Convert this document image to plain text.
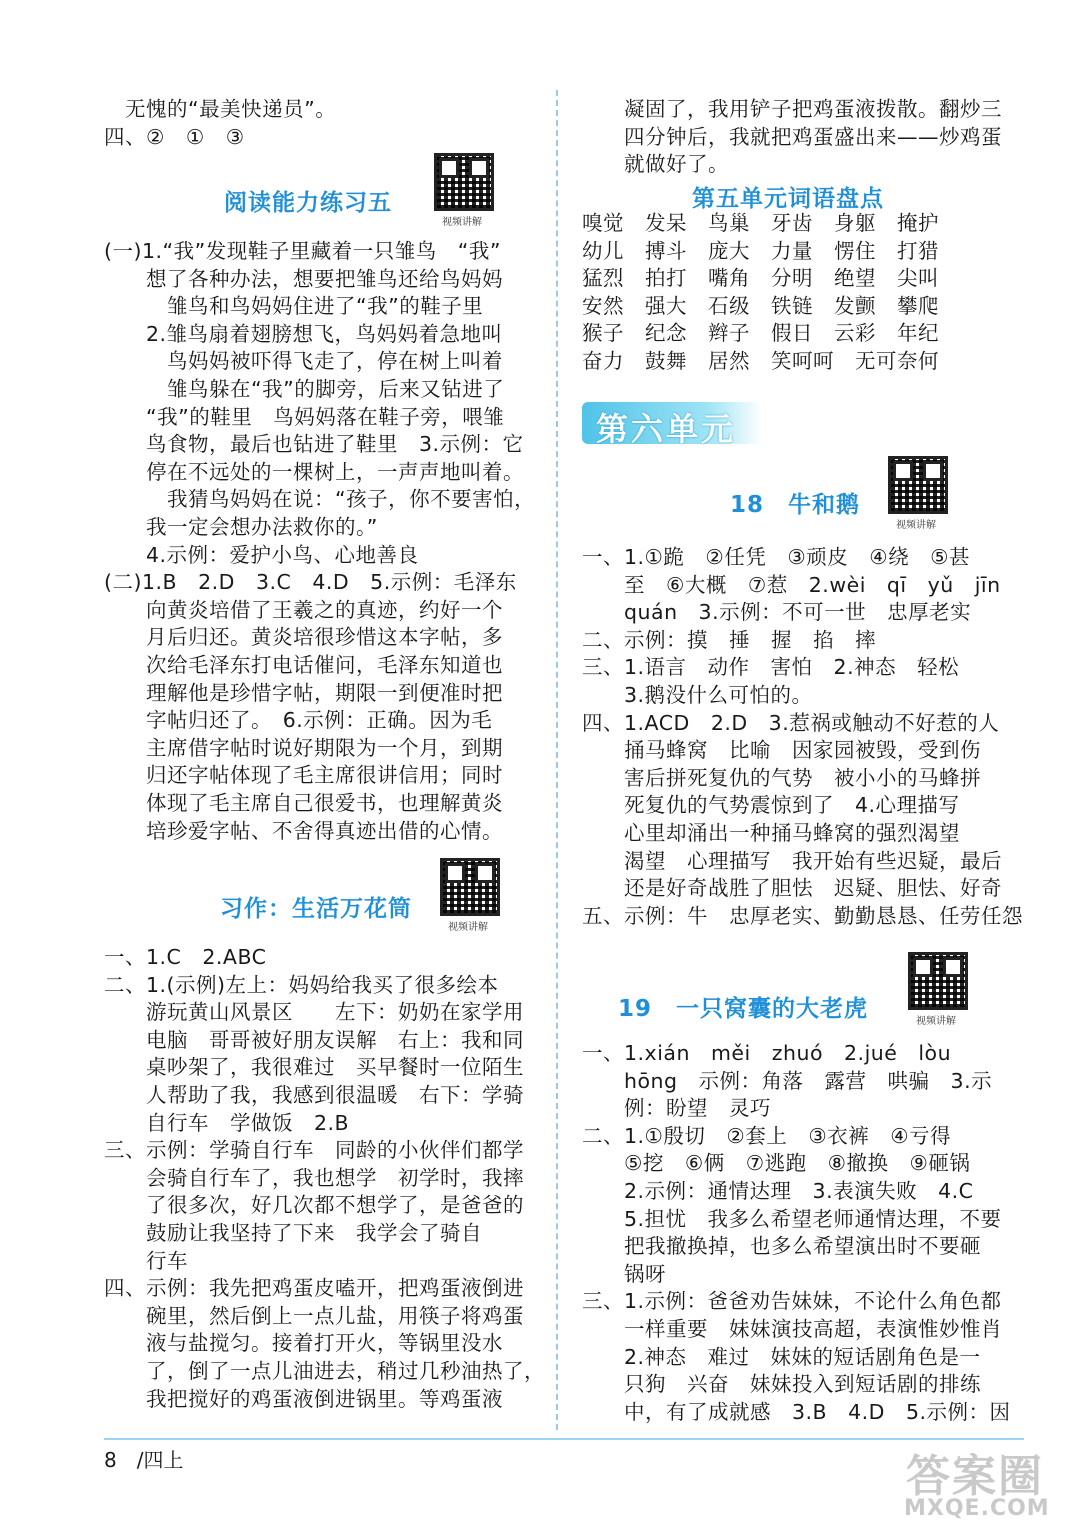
　无愧的“最美快递员”。
四、②　①　③
视频讲解
阅读能力练习五
(一)1.“我”发现鞋子里藏着一只雏鸟　“我”
　　想了各种办法，想要把雏鸟还给鸟妈妈
　　　雏鸟和鸟妈妈住进了“我”的鞋子里
　　2.雏鸟扇着翅膀想飞，鸟妈妈着急地叫
　　　鸟妈妈被吓得飞走了，停在树上叫着
　　　雏鸟躲在“我”的脚旁，后来又钻进了
　　“我”的鞋里　鸟妈妈落在鞋子旁，喂雏
　　鸟食物，最后也钻进了鞋里　3.示例：它
　　停在不远处的一棵树上，一声声地叫着。
　　　我猜鸟妈妈在说：“孩子，你不要害怕，
　　我一定会想办法救你的。”
　　4.示例：爱护小鸟、心地善良
(二)1.B　2.D　3.C　4.D　5.示例：毛泽东
　　向黄炎培借了王羲之的真迹，约好一个
　　月后归还。黄炎培很珍惜这本字帖，多
　　次给毛泽东打电话催问，毛泽东知道也
　　理解他是珍惜字帖，期限一到便准时把
　　字帖归还了。　6.示例：正确。因为毛
　　主席借字帖时说好期限为一个月，到期
　　归还字帖体现了毛主席很讲信用；同时
　　体现了毛主席自己很爱书，也理解黄炎
　　培珍爱字帖、不舍得真迹出借的心情。
视频讲解
习作：生活万花筒
一、1.C　2.ABC
二、1.(示例)左上：妈妈给我买了很多绘本
　　游玩黄山风景区　　左下：奶奶在家学用
　　电脑　哥哥被好朋友误解　右上：我和同
　　桌吵架了，我很难过　买早餐时一位陌生
　　人帮助了我，我感到很温暖　右下：学骑
　　自行车　学做饭　2.B
三、示例：学骑自行车　同龄的小伙伴们都学
　　会骑自行车了，我也想学　初学时，我摔
　　了很多次，好几次都不想学了，是爸爸的
　　鼓励让我坚持了下来　我学会了骑自
　　行车
四、示例：我先把鸡蛋皮嗑开，把鸡蛋液倒进
　　碗里，然后倒上一点儿盐，用筷子将鸡蛋
　　液与盐搅匀。接着打开火，等锅里没水
　　了，倒了一点儿油进去，稍过几秒油热了，
　　我把搅好的鸡蛋液倒进锅里。等鸡蛋液
　　凝固了，我用铲子把鸡蛋液拨散。翻炒三
　　四分钟后，我就把鸡蛋盛出来——炒鸡蛋
　　就做好了。
第五单元词语盘点
嗅觉　发呆　鸟巢　牙齿　身躯　掩护
幼儿　搏斗　庞大　力量　愣住　打猎
猛烈　拍打　嘴角　分明　绝望　尖叫
安然　强大　石级　铁链　发颤　攀爬
猴子　纪念　辫子　假日　云彩　年纪
奋力　鼓舞　居然　笑呵呵　无可奈何
视频讲解
18　牛和鹅
一、1.①跪　②任凭　③顽皮　④绕　⑤甚
　　至　⑥大概　⑦惹　2.wèi　qī　yǔ　jīn
　　quán　3.示例：不可一世　忠厚老实
二、示例：摸　捶　握　掐　摔
三、1.语言　动作　害怕　2.神态　轻松
　　3.鹅没什么可怕的。
四、1.ACD　2.D　3.惹祸或触动不好惹的人
　　捅马蜂窝　比喻　因家园被毁，受到伤
　　害后拼死复仇的气势　被小小的马蜂拼
　　死复仇的气势震惊到了　4.心理描写
　　心里却涌出一种捅马蜂窝的强烈渴望
　　渴望　心理描写　我开始有些迟疑，最后
　　还是好奇战胜了胆怯　迟疑、胆怯、好奇
五、示例：牛　忠厚老实、勤勤恳恳、任劳任怨
视频讲解
19　一只窝囊的大老虎
一、1.xián　měi　zhuó　2.jué　lòu
　　hōng　示例：角落　露营　哄骗　3.示
　　例：盼望　灵巧
二、1.①殷切　②套上　③衣裤　④亏得
　　⑤挖　⑥俩　⑦逃跑　⑧撤换　⑨砸锅
　　2.示例：通情达理　3.表演失败　4.C
　　5.担忧　我多么希望老师通情达理，不要
　　把我撤换掉，也多么希望演出时不要砸
　　锅呀
三、1.示例：爸爸劝告妹妹，不论什么角色都
　　一样重要　妹妹演技高超，表演惟妙惟肖
　　2.神态　难过　妹妹的短话剧角色是一
　　只狗　兴奋　妹妹投入到短话剧的排练
　　中，有了成就感　3.B　4.D　5.示例：因
第六单元
8　/四上	答案圈
MXQE.COM
